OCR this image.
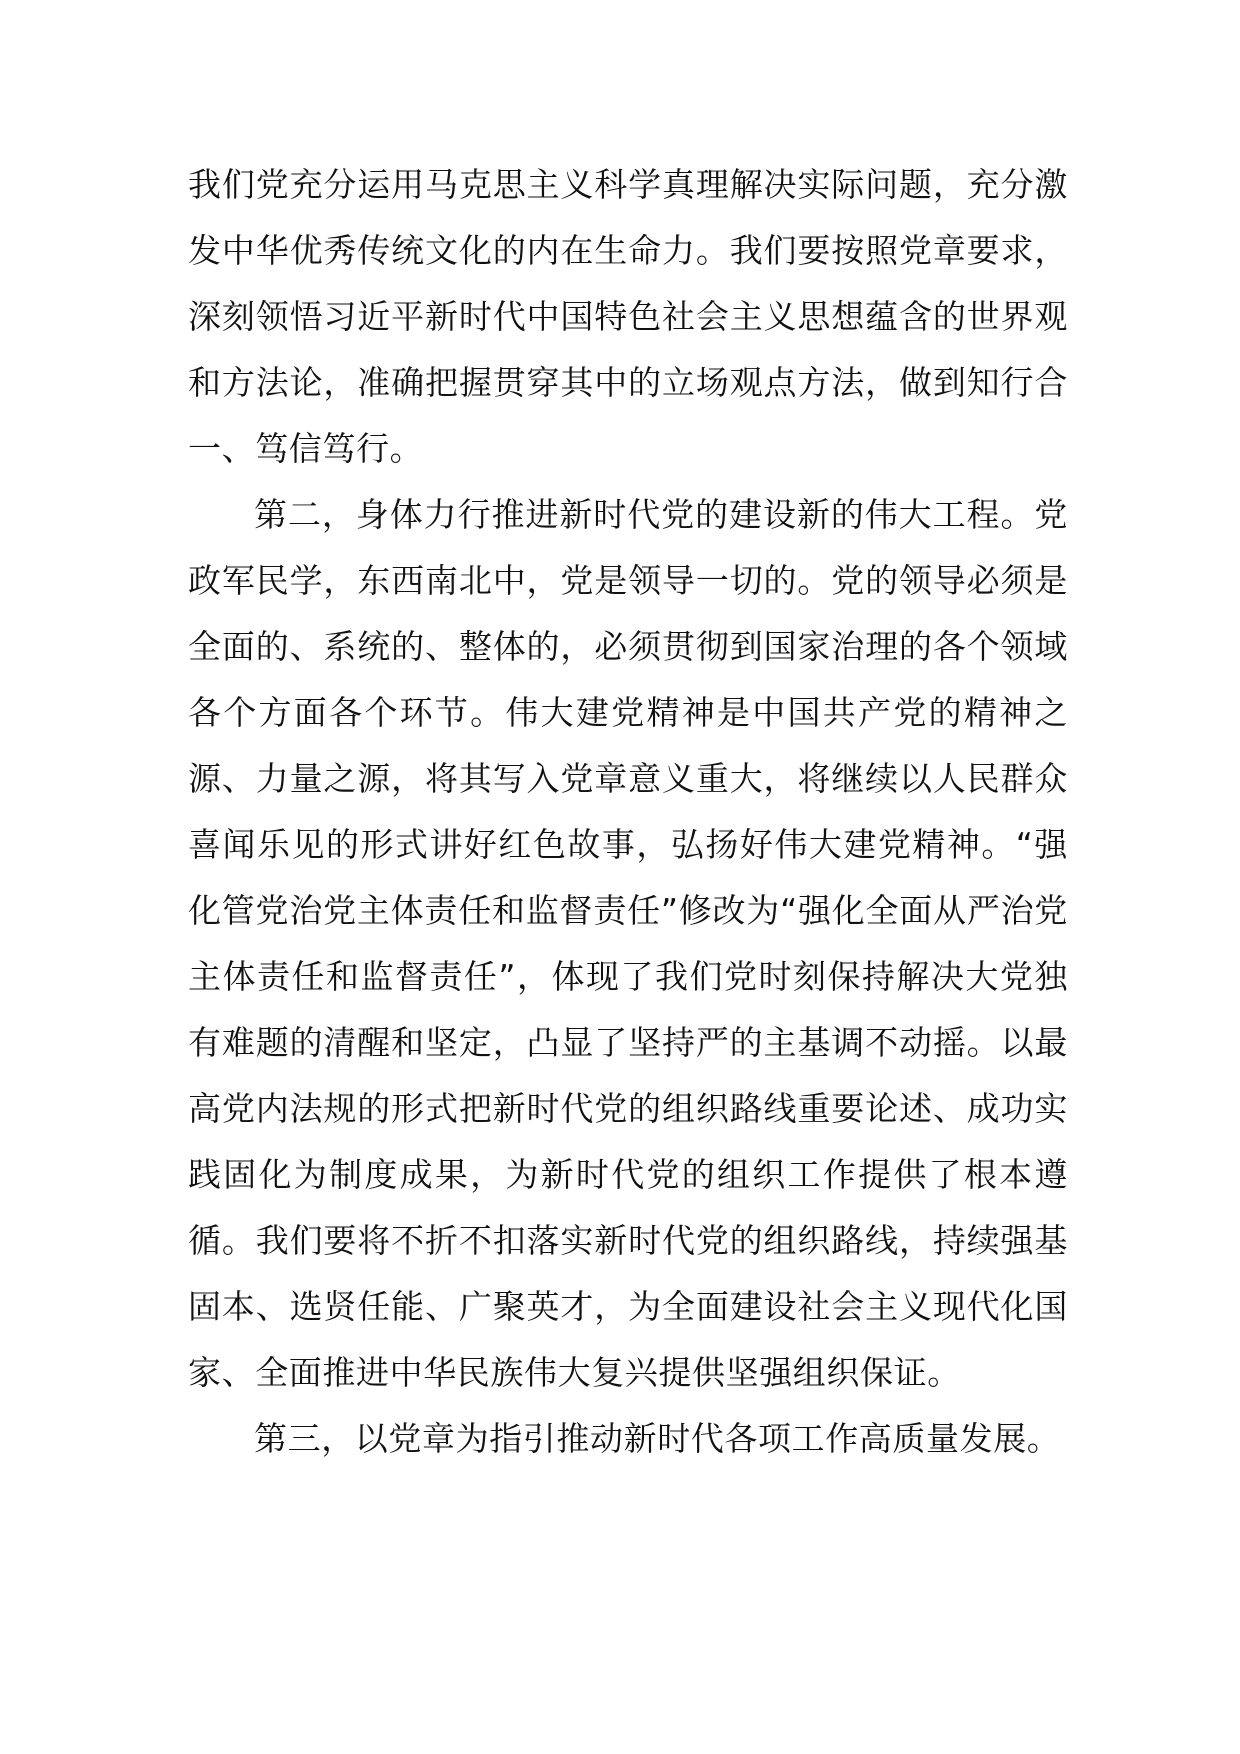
我们党充分运用马克思主义科学真理解决实际问题，充分激发中华优秀传统文化的内在生命力。我们要按照党章要求，深刻领悟习近平新时代中国特色社会主义思想蕴含的世界观和方法论，准确把握贯穿其中的立场观点方法，做到知行合一、笃信笃行。

第二，身体力行推进新时代党的建设新的伟大工程。党政军民学，东西南北中，党是领导一切的。党的领导必须是全面的、系统的、整体的，必须贯彻到国家治理的各个领域各个方面各个环节。伟大建党精神是中国共产党的精神之源、力量之源，将其写入党章意义重大，将继续以人民群众喜闻乐见的形式讲好红色故事，弘扬好伟大建党精神。“强化管党治党主体责任和监督责任”修改为“强化全面从严治党主体责任和监督责任”，体现了我们党时刻保持解决大党独有难题的清醒和坚定，凸显了坚持严的主基调不动摇。以最高党内法规的形式把新时代党的组织路线重要论述、成功实践固化为制度成果，为新时代党的组织工作提供了根本遵循。我们要将不折不扣落实新时代党的组织路线，持续强基固本、选贤任能、广聚英才，为全面建设社会主义现代化国家、全面推进中华民族伟大复兴提供坚强组织保证。

第三，以党章为指引推动新时代各项工作高质量发展。
